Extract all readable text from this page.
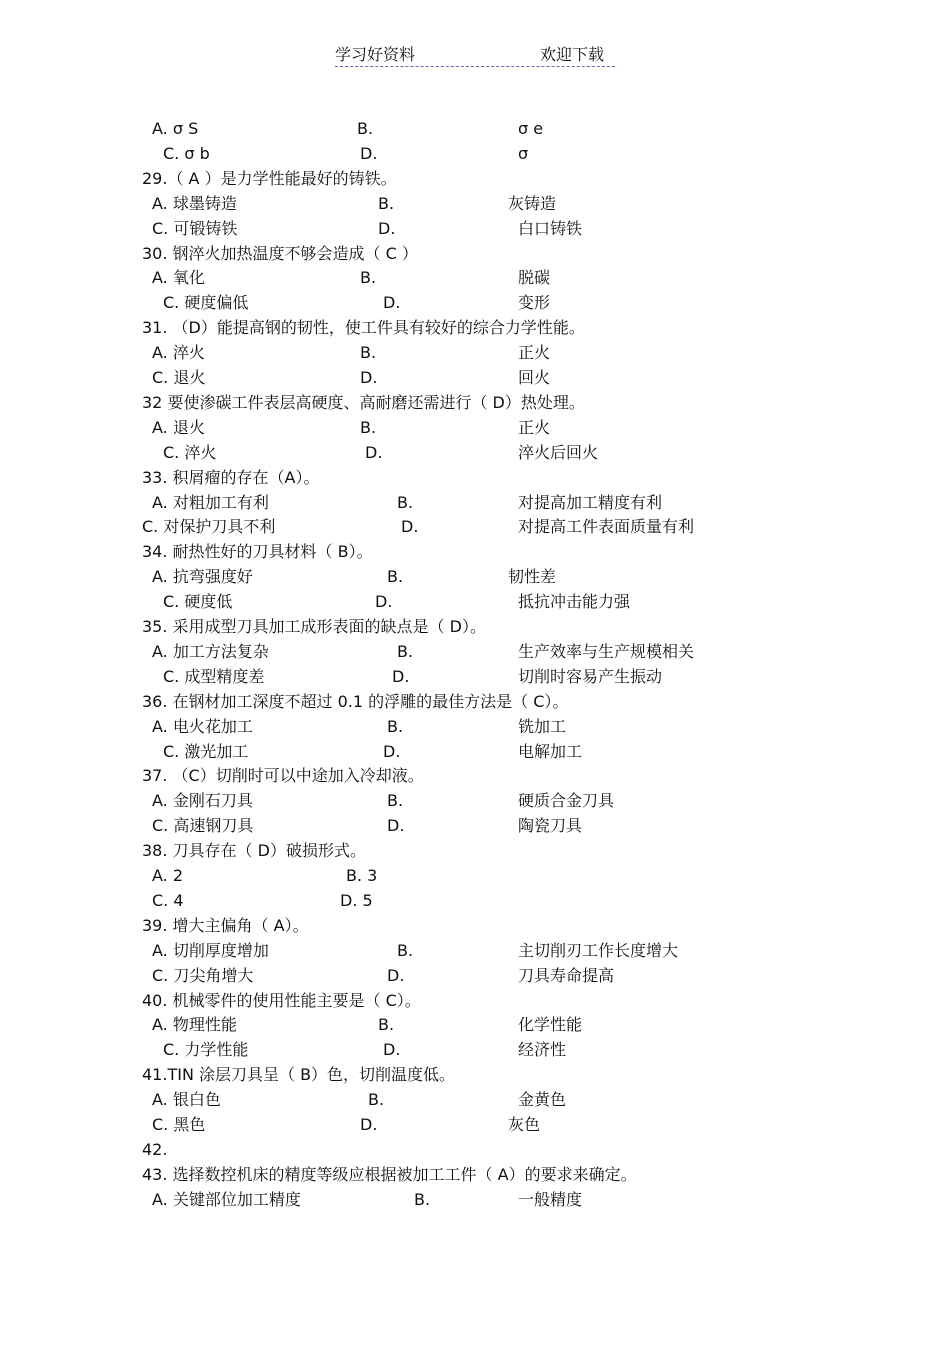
学习好资料	欢迎下载
A. σ S	B.	σ e
C. σ b	D.	σ
29.（ A ）是力学性能最好的铸铁。
A. 球墨铸造	B.	灰铸造
C. 可锻铸铁	D.	白口铸铁
30. 钢淬火加热温度不够会造成（ C ）
A. 氧化	B.	脱碳
C. 硬度偏低	D.	变形
31. （D）能提高钢的韧性，使工件具有较好的综合力学性能。
A. 淬火	B.	正火
C. 退火	D.	回火
32 要使渗碳工件表层高硬度、高耐磨还需进行（ D）热处理。
A. 退火	B.	正火
C. 淬火	D.	淬火后回火
33. 积屑瘤的存在（A）。
A. 对粗加工有利	B.	对提高加工精度有利
C. 对保护刀具不利	D.	对提高工件表面质量有利
34. 耐热性好的刀具材料（ B）。
A. 抗弯强度好	B.	韧性差
C. 硬度低	D.	抵抗冲击能力强
35. 采用成型刀具加工成形表面的缺点是（ D）。
A. 加工方法复杂	B.	生产效率与生产规模相关
C. 成型精度差	D.	切削时容易产生振动
36. 在钢材加工深度不超过 0.1 的浮雕的最佳方法是（ C）。
A. 电火花加工	B.	铣加工
C. 激光加工	D.	电解加工
37. （C）切削时可以中途加入冷却液。
A. 金刚石刀具	B.	硬质合金刀具
C. 高速钢刀具	D.	陶瓷刀具
38. 刀具存在（ D）破损形式。
A. 2	B. 3
C. 4	D. 5
39. 增大主偏角（ A）。
A. 切削厚度增加	B.	主切削刃工作长度增大
C. 刀尖角增大	D.	刀具寿命提高
40. 机械零件的使用性能主要是（ C）。
A. 物理性能	B.	化学性能
C. 力学性能	D.	经济性
41.TIN 涂层刀具呈（ B）色，切削温度低。
A. 银白色	B.	金黄色
C. 黑色	D.	灰色
42.
43. 选择数控机床的精度等级应根据被加工工件（ A）的要求来确定。
A. 关键部位加工精度	B.	一般精度
